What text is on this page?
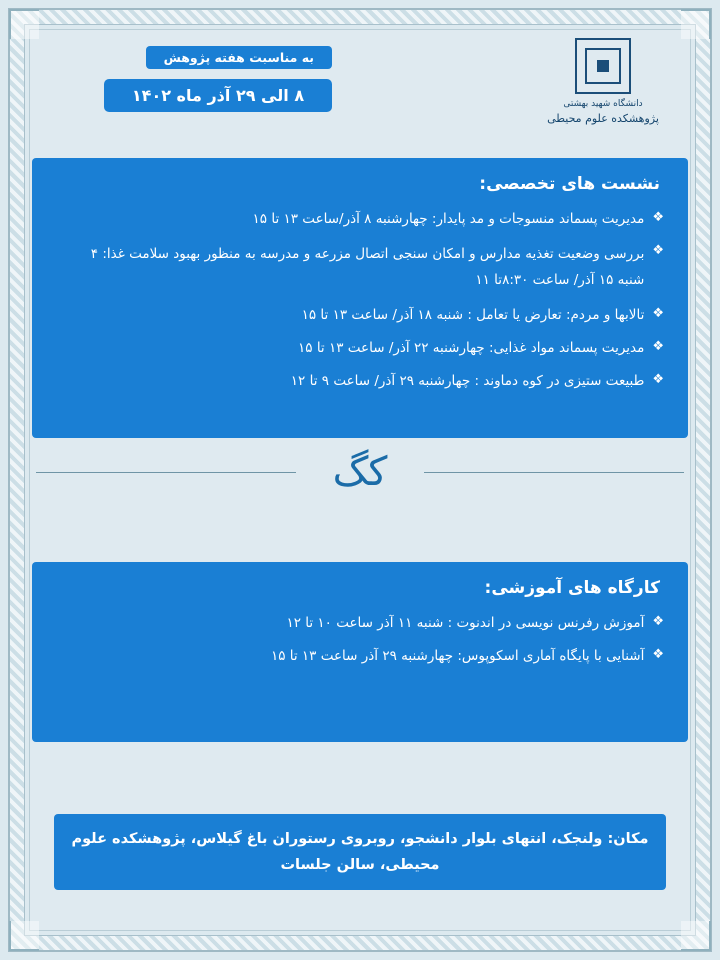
به مناسبت هفته پژوهش
۸ الی ۲۹ آذر ماه ۱۴۰۲	دانشگاه شهید بهشتی
پژوهشکده علوم محیطی
نشست های تخصصی:
❖
مدیریت پسماند منسوجات و مد پایدار: چهارشنبه ۸ آذر/ساعت ۱۳ تا ۱۵
❖
بررسی وضعیت تغذیه مدارس و امکان سنجی اتصال مزرعه و مدرسه به منظور بهبود سلامت غذا: ۴ شنبه ۱۵ آذر/ ساعت ۸:۳۰تا ۱۱
❖
تالابها و مردم: تعارض یا تعامل : شنبه ۱۸ آذر/ ساعت ۱۳ تا ۱۵
❖
مدیریت پسماند مواد غذایی: چهارشنبه ۲۲ آذر/ ساعت ۱۳ تا ۱۵
❖
طبیعت ستیزی در کوه دماوند : چهارشنبه ۲۹ آذر/ ساعت ۹ تا ۱۲
کگ
کارگاه های آموزشی:
❖
آموزش رفرنس نویسی در اندنوت : شنبه ۱۱ آذر ساعت ۱۰ تا ۱۲
❖
آشنایی با پایگاه آماری اسکوپوس: چهارشنبه ۲۹ آذر ساعت ۱۳ تا ۱۵
مکان: ولنجک، انتهای بلوار دانشجو، روبروی رستوران باغ گیلاس، پژوهشکده علوم محیطی، سالن جلسات
